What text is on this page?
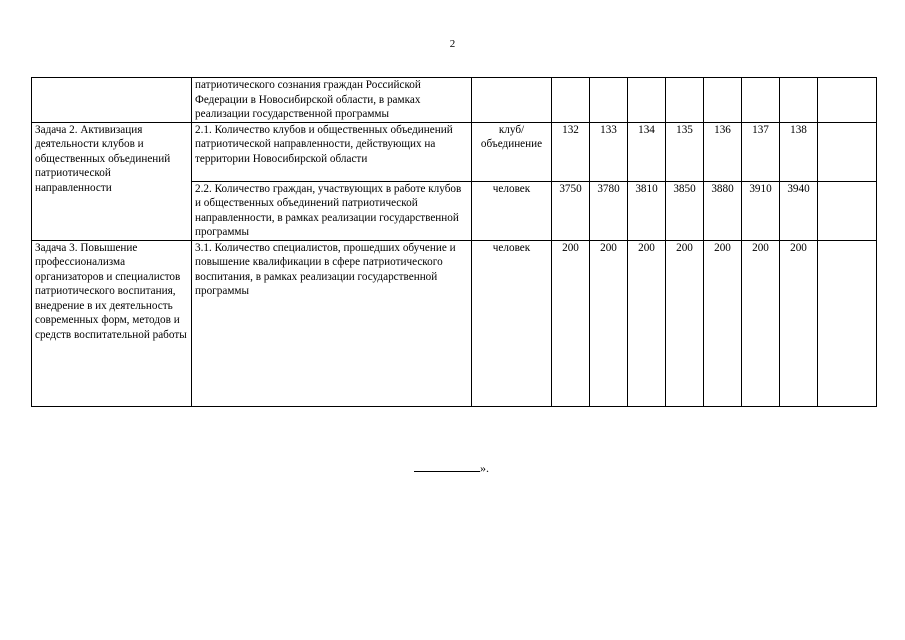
2
	патриотического сознания граждан Российской Федерации в Новосибирской области, в рамках реализации государственной программы									
Задача 2. Активизация деятельности клубов и общественных объединений патриотической направленности	2.1. Количество клубов и общественных объединений патриотической направленности, действующих на территории Новосибирской области	клуб/ объединение	132	133	134	135	136	137	138	
	2.2. Количество граждан, участвующих в работе клубов и общественных объединений патриотической направленности, в рамках реализации государственной программы	человек	3750	3780	3810	3850	3880	3910	3940	
Задача 3. Повышение профессионализма организаторов и специалистов патриотического воспитания, внедрение в их деятельность современных форм, методов и средств воспитательной работы	3.1. Количество специалистов, прошедших обучение и повышение квалификации в сфере патриотического воспитания, в рамках реализации государственной программы	человек	200	200	200	200	200	200	200	
».
